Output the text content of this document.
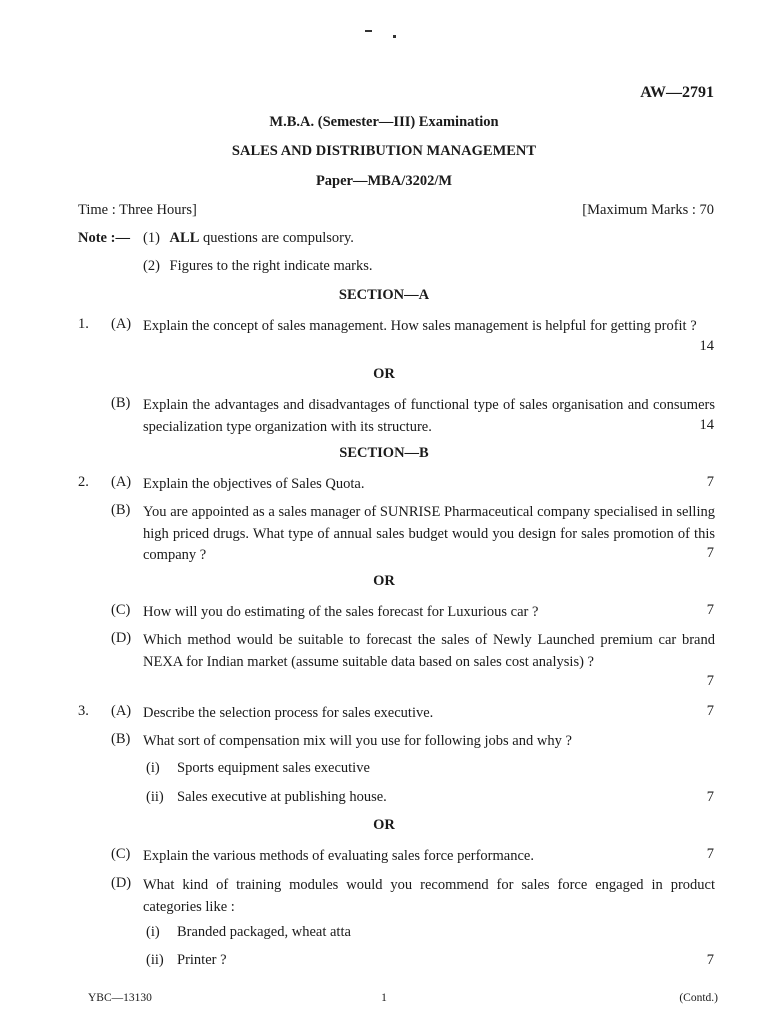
AW—2791
M.B.A. (Semester—III) Examination
SALES AND DISTRIBUTION MANAGEMENT
Paper—MBA/3202/M
Time : Three Hours]	[Maximum Marks : 70
Note :— (1) ALL questions are compulsory.
(2) Figures to the right indicate marks.
SECTION—A
1. (A) Explain the concept of sales management. How sales management is helpful for getting profit ?
14
OR
(B) Explain the advantages and disadvantages of functional type of sales organisation and consumers specialization type organization with its structure.	14
SECTION—B
2. (A) Explain the objectives of Sales Quota.	7
(B) You are appointed as a sales manager of SUNRISE Pharmaceutical company specialised in selling high priced drugs. What type of annual sales budget would you design for sales promotion of this company ?	7
OR
(C) How will you do estimating of the sales forecast for Luxurious car ?	7
(D) Which method would be suitable to forecast the sales of Newly Launched premium car brand NEXA for Indian market (assume suitable data based on sales cost analysis) ?
7
3. (A) Describe the selection process for sales executive.	7
(B) What sort of compensation mix will you use for following jobs and why ?
(i) Sports equipment sales executive
(ii) Sales executive at publishing house.	7
OR
(C) Explain the various methods of evaluating sales force performance.	7
(D) What kind of training modules would you recommend for sales force engaged in product categories like :
(i) Branded packaged, wheat atta
(ii) Printer ?	7
YBC—13130	1	(Contd.)
